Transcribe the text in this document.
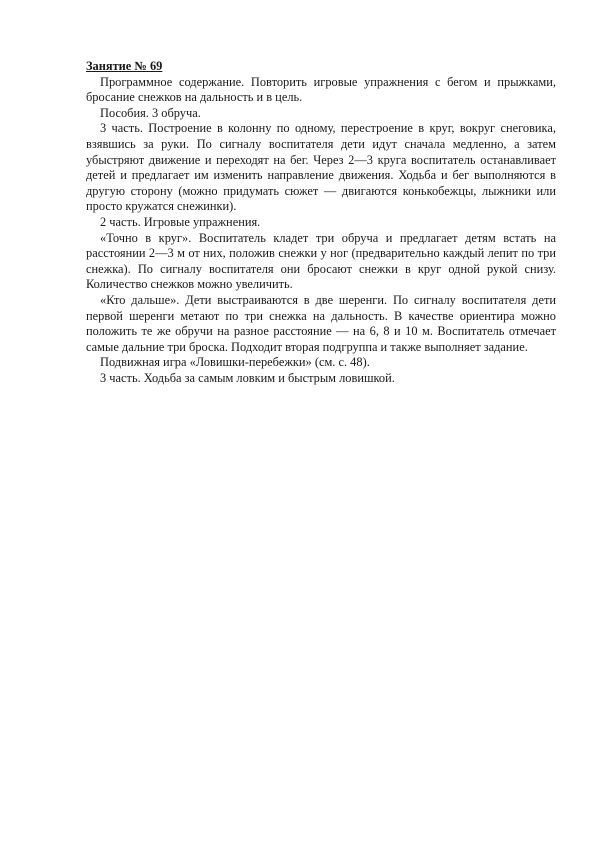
Занятие № 69

Программное содержание. Повторить игровые упражнения с бегом и прыжками, бросание снежков на дальность и в цель.

Пособия. 3 обруча.

3 часть. Построение в колонну по одному, перестроение в круг, вокруг снеговика, взявшись за руки. По сигналу воспитателя дети идут сначала медленно, а затем убыстряют движение и переходят на бег. Через 2—3 круга воспитатель останавливает детей и предлагает им изменить направление движения. Ходьба и бег выполняются в другую сторону (можно придумать сюжет — двигаются конькобежцы, лыжники или просто кружатся снежинки).

2 часть. Игровые упражнения.

«Точно в круг». Воспитатель кладет три обруча и предлагает детям встать на расстоянии 2—3 м от них, положив снежки у ног (предварительно каждый лепит по три снежка). По сигналу воспитателя они бросают снежки в круг одной рукой снизу. Количество снежков можно увеличить.

«Кто дальше». Дети выстраиваются в две шеренги. По сигналу воспитателя дети первой шеренги метают по три снежка на дальность. В качестве ориентира можно положить те же обручи на разное расстояние — на 6, 8 и 10 м. Воспитатель отмечает самые дальние три броска. Подходит вторая подгруппа и также выполняет задание.

Подвижная игра «Ловишки-перебежки» (см. с. 48).

3 часть. Ходьба за самым ловким и быстрым ловишкой.
